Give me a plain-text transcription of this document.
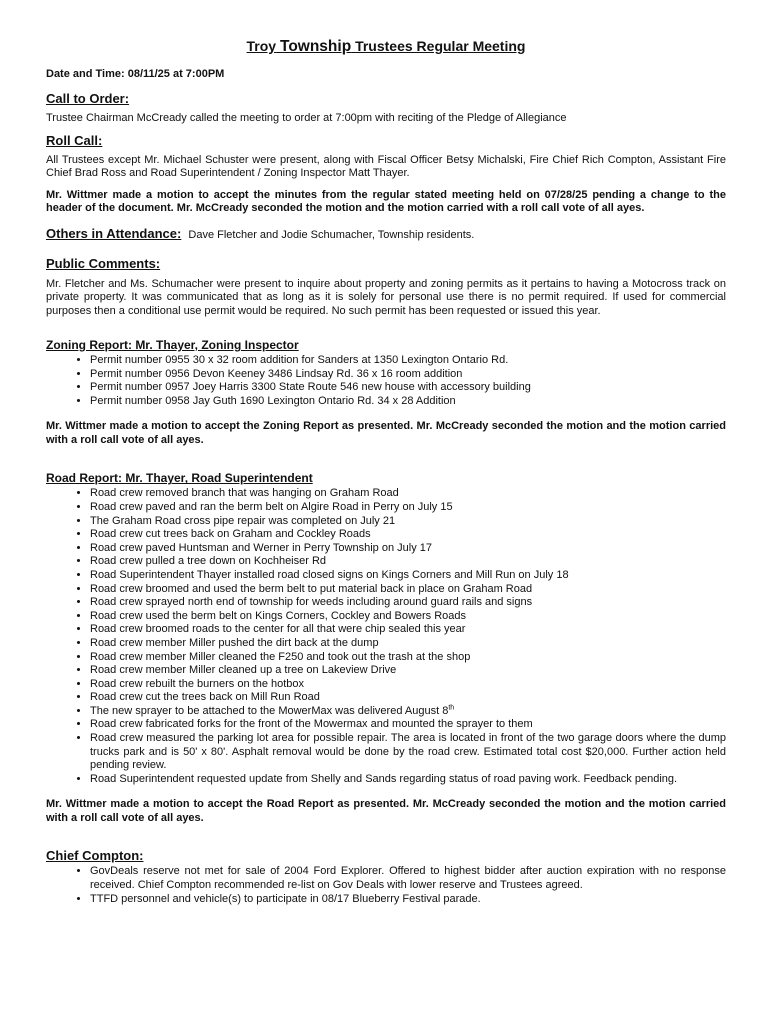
Troy Township Trustees Regular Meeting
Date and Time: 08/11/25 at 7:00PM
Call to Order:

Trustee Chairman McCready called the meeting to order at 7:00pm with reciting of the Pledge of Allegiance

Roll Call:

All Trustees except Mr. Michael Schuster were present, along with Fiscal Officer Betsy Michalski, Fire Chief Rich Compton, Assistant Fire Chief Brad Ross and Road Superintendent / Zoning Inspector Matt Thayer.

Mr. Wittmer made a motion to accept the minutes from the regular stated meeting held on 07/28/25 pending a change to the header of the document. Mr. McCready seconded the motion and the motion carried with a roll call vote of all ayes.

Others in Attendance: Dave Fletcher and Jodie Schumacher, Township residents.
Public Comments:

Mr. Fletcher and Ms. Schumacher were present to inquire about property and zoning permits as it pertains to having a Motocross track on private property. It was communicated that as long as it is solely for personal use there is no permit required. If used for commercial purposes then a conditional use permit would be required. No such permit has been requested or issued this year.

Zoning Report: Mr. Thayer, Zoning Inspector
• Permit number 0955 30 x 32 room addition for Sanders at 1350 Lexington Ontario Rd.
• Permit number 0956 Devon Keeney 3486 Lindsay Rd. 36 x 16 room addition
• Permit number 0957 Joey Harris 3300 State Route 546 new house with accessory building
• Permit number 0958 Jay Guth 1690 Lexington Ontario Rd. 34 x 28 Addition

Mr. Wittmer made a motion to accept the Zoning Report as presented. Mr. McCready seconded the motion and the motion carried with a roll call vote of all ayes.

Road Report: Mr. Thayer, Road Superintendent
• Road crew removed branch that was hanging on Graham Road
• Road crew paved and ran the berm belt on Algire Road in Perry on July 15
• The Graham Road cross pipe repair was completed on July 21
• Road crew cut trees back on Graham and Cockley Roads
• Road crew paved Huntsman and Werner in Perry Township on July 17
• Road crew pulled a tree down on Kochheiser Rd
• Road Superintendent Thayer installed road closed signs on Kings Corners and Mill Run on July 18
• Road crew broomed and used the berm belt to put material back in place on Graham Road
• Road crew sprayed north end of township for weeds including around guard rails and signs
• Road crew used the berm belt on Kings Corners, Cockley and Bowers Roads
• Road crew broomed roads to the center for all that were chip sealed this year
• Road crew member Miller pushed the dirt back at the dump
• Road crew member Miller cleaned the F250 and took out the trash at the shop
• Road crew member Miller cleaned up a tree on Lakeview Drive
• Road crew rebuilt the burners on the hotbox
• Road crew cut the trees back on Mill Run Road
• The new sprayer to be attached to the MowerMax was delivered August 8th
• Road crew fabricated forks for the front of the Mowermax and mounted the sprayer to them
• Road crew measured the parking lot area for possible repair. The area is located in front of the two garage doors where the dump trucks park and is 50' x 80'. Asphalt removal would be done by the road crew. Estimated total cost $20,000. Further action held pending review.
• Road Superintendent requested update from Shelly and Sands regarding status of road paving work. Feedback pending.

Mr. Wittmer made a motion to accept the Road Report as presented. Mr. McCready seconded the motion and the motion carried with a roll call vote of all ayes.

Chief Compton:
• GovDeals reserve not met for sale of 2004 Ford Explorer. Offered to highest bidder after auction expiration with no response received. Chief Compton recommended re-list on Gov Deals with lower reserve and Trustees agreed.
• TTFD personnel and vehicle(s) to participate in 08/17 Blueberry Festival parade.
